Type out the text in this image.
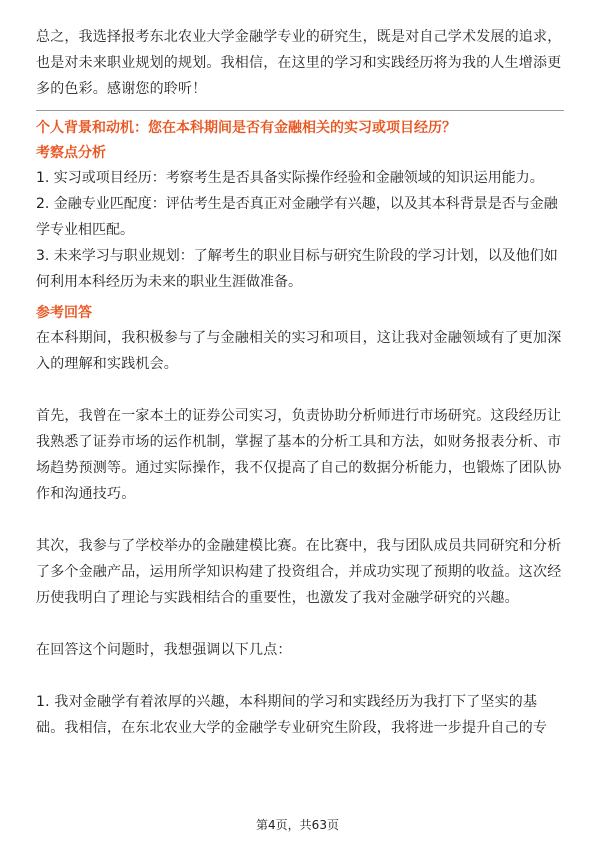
总之，我选择报考东北农业大学金融学专业的研究生，既是对自己学术发展的追求，也是对未来职业规划的规划。我相信，在这里的学习和实践经历将为我的人生增添更多的色彩。感谢您的聆听！

个人背景和动机：您在本科期间是否有金融相关的实习或项目经历？

考察点分析

1. 实习或项目经历：考察考生是否具备实际操作经验和金融领域的知识运用能力。

2. 金融专业匹配度：评估考生是否真正对金融学有兴趣，以及其本科背景是否与金融学专业相匹配。

3. 未来学习与职业规划：了解考生的职业目标与研究生阶段的学习计划，以及他们如何利用本科经历为未来的职业生涯做准备。

参考回答

在本科期间，我积极参与了与金融相关的实习和项目，这让我对金融领域有了更加深入的理解和实践机会。

首先，我曾在一家本土的证券公司实习，负责协助分析师进行市场研究。这段经历让我熟悉了证券市场的运作机制，掌握了基本的分析工具和方法，如财务报表分析、市场趋势预测等。通过实际操作，我不仅提高了自己的数据分析能力，也锻炼了团队协作和沟通技巧。

其次，我参与了学校举办的金融建模比赛。在比赛中，我与团队成员共同研究和分析了多个金融产品，运用所学知识构建了投资组合，并成功实现了预期的收益。这次经历使我明白了理论与实践相结合的重要性，也激发了我对金融学研究的兴趣。

在回答这个问题时，我想强调以下几点：

1. 我对金融学有着浓厚的兴趣，本科期间的学习和实践经历为我打下了坚实的基础。我相信，在东北农业大学的金融学专业研究生阶段，我将进一步提升自己的专

第4页，共63页
